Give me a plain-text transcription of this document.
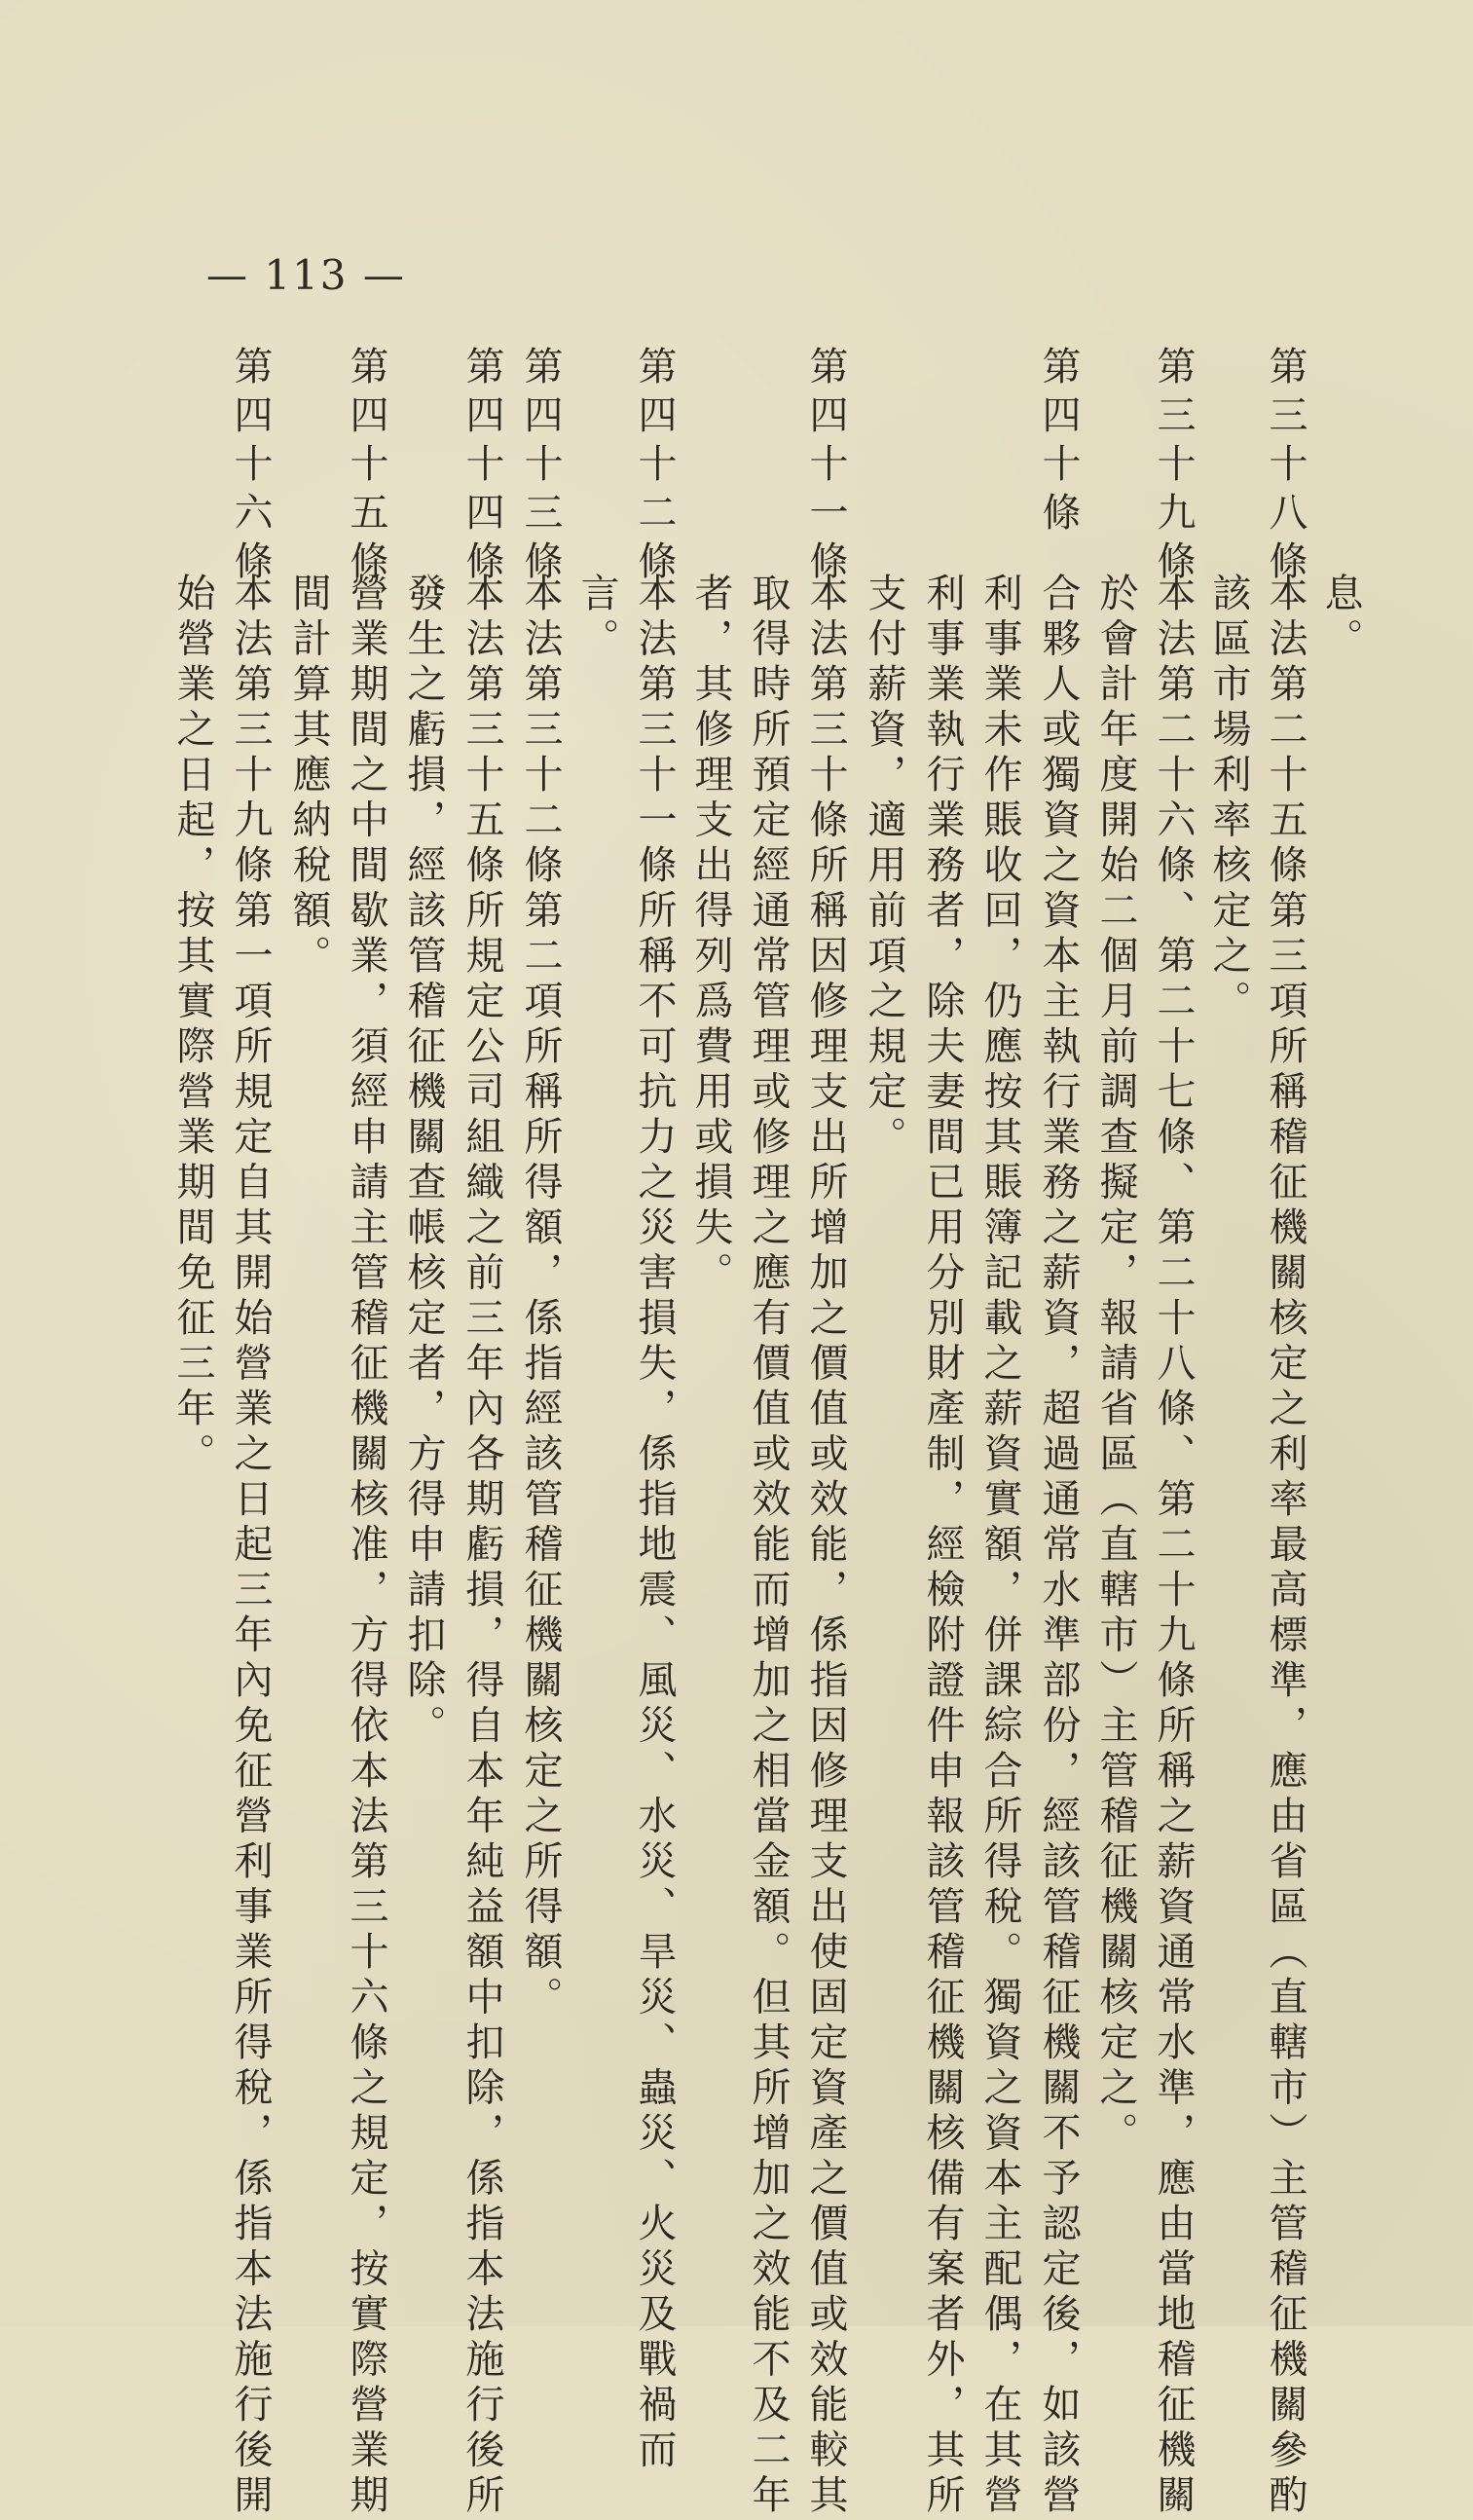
— 113 —
息。
第三十八條
本法第二十五條第三項所稱稽征機關核定之利率最高標準，應由省區（直轄市）主管稽征機關參酌
該區市場利率核定之。
第三十九條
本法第二十六條、第二十七條、第二十八條、第二十九條所稱之薪資通常水準，應由當地稽征機關
於會計年度開始二個月前調查擬定，報請省區（直轄市）主管稽征機關核定之。
第四十條
合夥人或獨資之資本主執行業務之薪資，超過通常水準部份，經該管稽征機關不予認定後，如該營
利事業未作賬收回，仍應按其賬簿記載之薪資實額，併課綜合所得稅。獨資之資本主配偶，在其營
利事業執行業務者，除夫妻間已用分別財產制，經檢附證件申報該管稽征機關核備有案者外，其所
支付薪資，適用前項之規定。
第四十一條
本法第三十條所稱因修理支出所增加之價值或效能，係指因修理支出使固定資產之價值或效能較其
取得時所預定經通常管理或修理之應有價值或效能而增加之相當金額。但其所增加之效能不及二年
者，其修理支出得列爲費用或損失。
第四十二條
本法第三十一條所稱不可抗力之災害損失，係指地震、風災、水災、旱災、蟲災、火災及戰禍而
言。
第四十三條
本法第三十二條第二項所稱所得額，係指經該管稽征機關核定之所得額。
第四十四條
本法第三十五條所規定公司組織之前三年內各期虧損，得自本年純益額中扣除，係指本法施行後所
發生之虧損，經該管稽征機關查帳核定者，方得申請扣除。
第四十五條
營業期間之中間歇業，須經申請主管稽征機關核准，方得依本法第三十六條之規定，按實際營業期
間計算其應納稅額。
第四十六條
本法第三十九條第一項所規定自其開始營業之日起三年內免征營利事業所得稅，係指本法施行後開
始營業之日起，按其實際營業期間免征三年。
